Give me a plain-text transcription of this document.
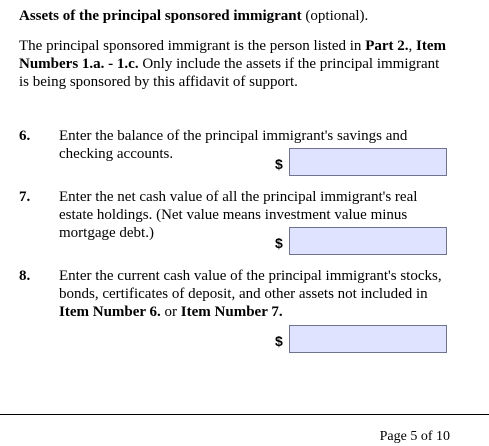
Assets of the principal sponsored immigrant (optional).
The principal sponsored immigrant is the person listed in Part 2., Item Numbers 1.a. - 1.c. Only include the assets if the principal immigrant is being sponsored by this affidavit of support.
6. Enter the balance of the principal immigrant's savings and checking accounts.
$
7. Enter the net cash value of all the principal immigrant's real estate holdings. (Net value means investment value minus mortgage debt.)
$
8. Enter the current cash value of the principal immigrant's stocks, bonds, certificates of deposit, and other assets not included in Item Number 6. or Item Number 7.
$
Page 5 of 10
